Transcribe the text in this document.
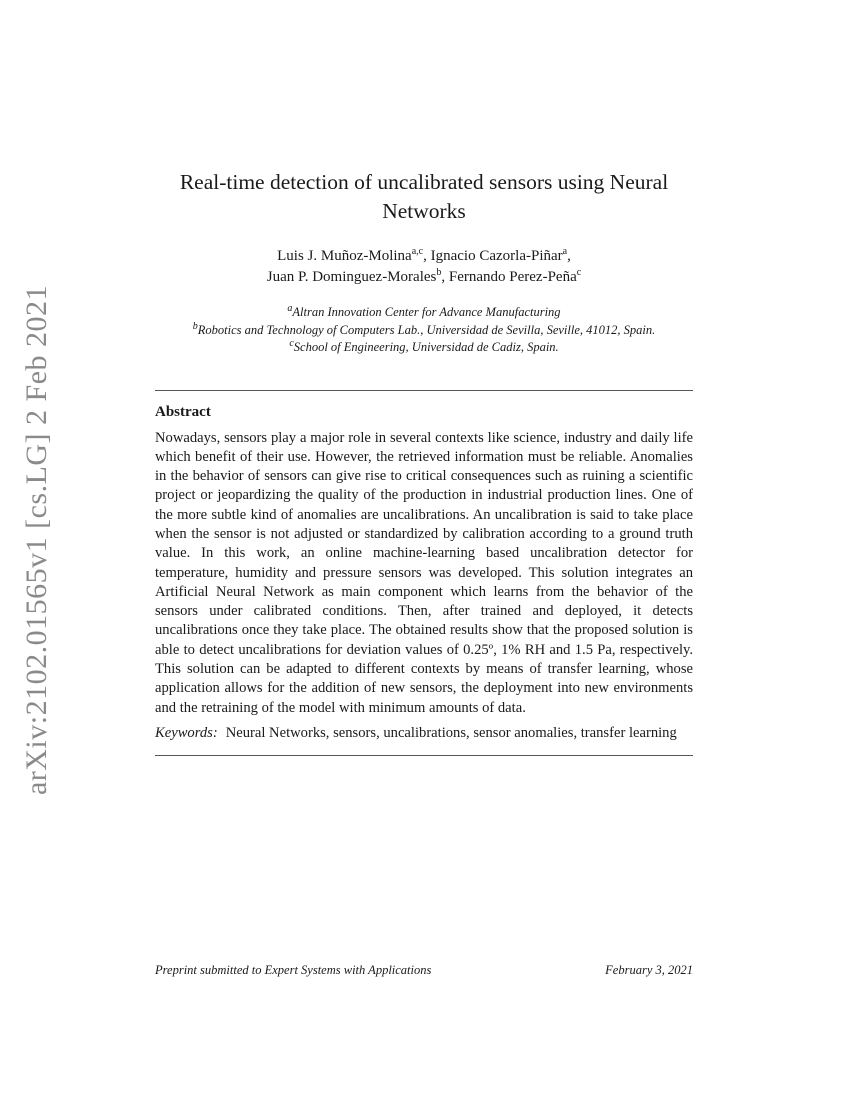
arXiv:2102.01565v1 [cs.LG] 2 Feb 2021
Real-time detection of uncalibrated sensors using Neural
Networks
Luis J. Muñoz-Molina$^{a,c}$, Ignacio Cazorla-Piñar$^a$,
Juan P. Dominguez-Morales$^b$, Fernando Perez-Peña$^c$
$^a$Altran Innovation Center for Advance Manufacturing
$^b$Robotics and Technology of Computers Lab., Universidad de Sevilla, Seville, 41012, Spain.
$^c$School of Engineering, Universidad de Cadiz, Spain.
Abstract

Nowadays, sensors play a major role in several contexts like science, industry and daily life which benefit of their use. However, the retrieved information must be reliable. Anomalies in the behavior of sensors can give rise to critical consequences such as ruining a scientific project or jeopardizing the quality of the production in industrial production lines. One of the more subtle kind of anomalies are uncalibrations. An uncalibration is said to take place when the sensor is not adjusted or standardized by calibration according to a ground truth value. In this work, an online machine-learning based uncalibration detector for temperature, humidity and pressure sensors was developed. This solution integrates an Artificial Neural Network as main component which learns from the behavior of the sensors under calibrated conditions. Then, after trained and deployed, it detects uncalibrations once they take place. The obtained results show that the proposed solution is able to detect uncalibrations for deviation values of 0.25º, 1% RH and 1.5 Pa, respectively. This solution can be adapted to different contexts by means of transfer learning, whose application allows for the addition of new sensors, the deployment into new environments and the retraining of the model with minimum amounts of data.

Keywords: Neural Networks, sensors, uncalibrations, sensor anomalies, transfer learning
Preprint submitted to Expert Systems with Applications	February 3, 2021
